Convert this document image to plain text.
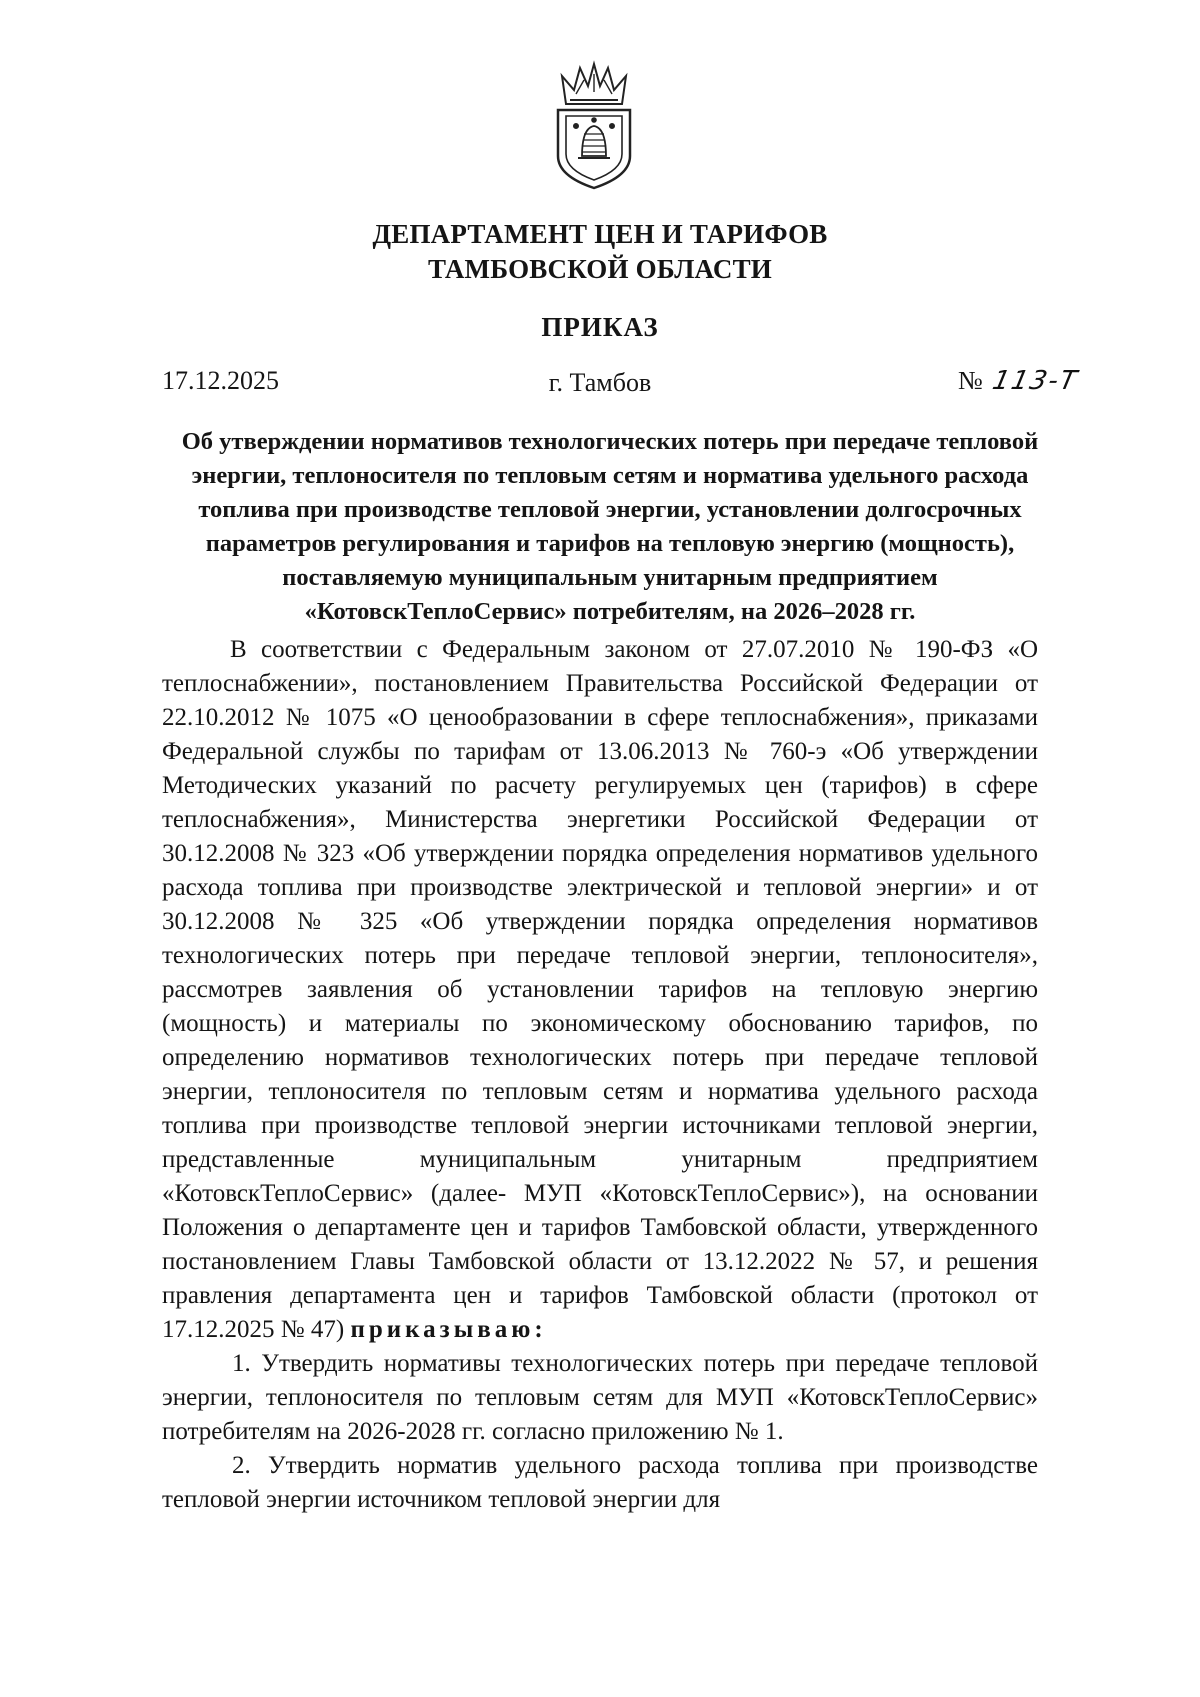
ДЕПАРТАМЕНТ ЦЕН И ТАРИФОВ
ТАМБОВСКОЙ ОБЛАСТИ
ПРИКАЗ
17.12.2025	г. Тамбов	№ 113-Т
Об утверждении нормативов технологических потерь при передаче тепловой энергии, теплоносителя по тепловым сетям и норматива удельного расхода топлива при производстве тепловой энергии, установлении долгосрочных параметров регулирования и тарифов на тепловую энергию (мощность), поставляемую муниципальным унитарным предприятием «КотовскТеплоСервис» потребителям, на 2026–2028 гг.

В соответствии с Федеральным законом от 27.07.2010 № 190-ФЗ «О теплоснабжении», постановлением Правительства Российской Федерации от 22.10.2012 № 1075 «О ценообразовании в сфере теплоснабжения», приказами Федеральной службы по тарифам от 13.06.2013 № 760-э «Об утверждении Методических указаний по расчету регулируемых цен (тарифов) в сфере теплоснабжения», Министерства энергетики Российской Федерации от 30.12.2008 № 323 «Об утверждении порядка определения нормативов удельного расхода топлива при производстве электрической и тепловой энергии» и от 30.12.2008 № 325 «Об утверждении порядка определения нормативов технологических потерь при передаче тепловой энергии, теплоносителя», рассмотрев заявления об установлении тарифов на тепловую энергию (мощность) и материалы по экономическому обоснованию тарифов, по определению нормативов технологических потерь при передаче тепловой энергии, теплоносителя по тепловым сетям и норматива удельного расхода топлива при производстве тепловой энергии источниками тепловой энергии, представленные муниципальным унитарным предприятием «КотовскТеплоСервис» (далее- МУП «КотовскТеплоСервис»), на основании Положения о департаменте цен и тарифов Тамбовской области, утвержденного постановлением Главы Тамбовской области от 13.12.2022 № 57, и решения правления департамента цен и тарифов Тамбовской области (протокол от 17.12.2025 № 47) приказываю:

1. Утвердить нормативы технологических потерь при передаче тепловой энергии, теплоносителя по тепловым сетям для МУП «КотовскТеплоСервис» потребителям на 2026-2028 гг. согласно приложению № 1.

2. Утвердить норматив удельного расхода топлива при производстве тепловой энергии источником тепловой энергии для
